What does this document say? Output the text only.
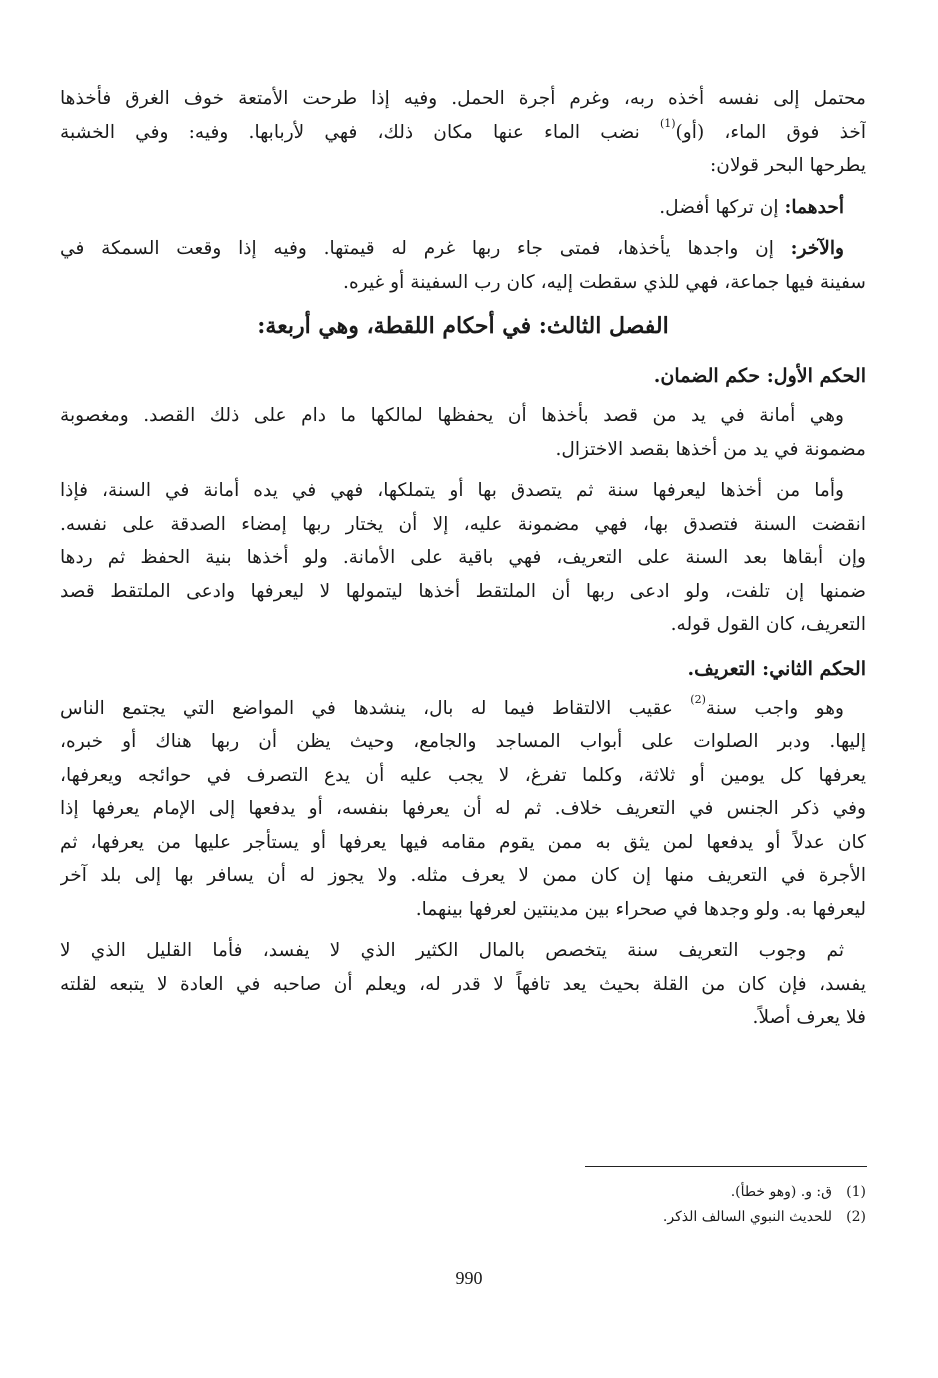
محتمل إلى نفسه أخذه ربه، وغرم أجرة الحمل. وفيه إذا طرحت الأمتعة خوف الغرق فأخذها
آخذ فوق الماء، (أو)$^{(1)}$ نضب الماء عنها مكان ذلك، فهي لأربابها. وفيه: وفي الخشبة
يطرحها البحر قولان:
أحدهما: إن تركها أفضل.
والآخر: إن واجدها يأخذها، فمتى جاء ربها غرم له قيمتها. وفيه إذا وقعت السمكة في
سفينة فيها جماعة، فهي للذي سقطت إليه، كان رب السفينة أو غيره.
الفصل الثالث: في أحكام اللقطة، وهي أربعة:
الحكم الأول: حكم الضمان.
وهي أمانة في يد من قصد بأخذها أن يحفظها لمالكها ما دام على ذلك القصد. ومغصوبة
مضمونة في يد من أخذها بقصد الاختزال.
وأما من أخذها ليعرفها سنة ثم يتصدق بها أو يتملكها، فهي في يده أمانة في السنة، فإذا
انقضت السنة فتصدق بها، فهي مضمونة عليه، إلا أن يختار ربها إمضاء الصدقة على نفسه.
وإن أبقاها بعد السنة على التعريف، فهي باقية على الأمانة. ولو أخذها بنية الحفظ ثم ردها
ضمنها إن تلفت، ولو ادعى ربها أن الملتقط أخذها ليتمولها لا ليعرفها وادعى الملتقط قصد
التعريف، كان القول قوله.
الحكم الثاني: التعريف.
وهو واجب سنة$^{(2)}$ عقيب الالتقاط فيما له بال، ينشدها في المواضع التي يجتمع الناس
إليها. ودبر الصلوات على أبواب المساجد والجامع، وحيث يظن أن ربها هناك أو خبره،
يعرفها كل يومين أو ثلاثة، وكلما تفرغ، لا يجب عليه أن يدع التصرف في حوائجه ويعرفها،
وفي ذكر الجنس في التعريف خلاف. ثم له أن يعرفها بنفسه، أو يدفعها إلى الإمام يعرفها إذا
كان عدلاً أو يدفعها لمن يثق به ممن يقوم مقامه فيها يعرفها أو يستأجر عليها من يعرفها، ثم
الأجرة في التعريف منها إن كان ممن لا يعرف مثله. ولا يجوز له أن يسافر بها إلى بلد آخر
ليعرفها به. ولو وجدها في صحراء بين مدينتين لعرفها بينهما.
ثم وجوب التعريف سنة يتخصص بالمال الكثير الذي لا يفسد، فأما القليل الذي لا
يفسد، فإن كان من القلة بحيث يعد تافهاً لا قدر له، ويعلم أن صاحبه في العادة لا يتبعه لقلته
فلا يعرف أصلاً.
(1)ق: و. (وهو خطأ).
(2)للحديث النبوي السالف الذكر.
990
